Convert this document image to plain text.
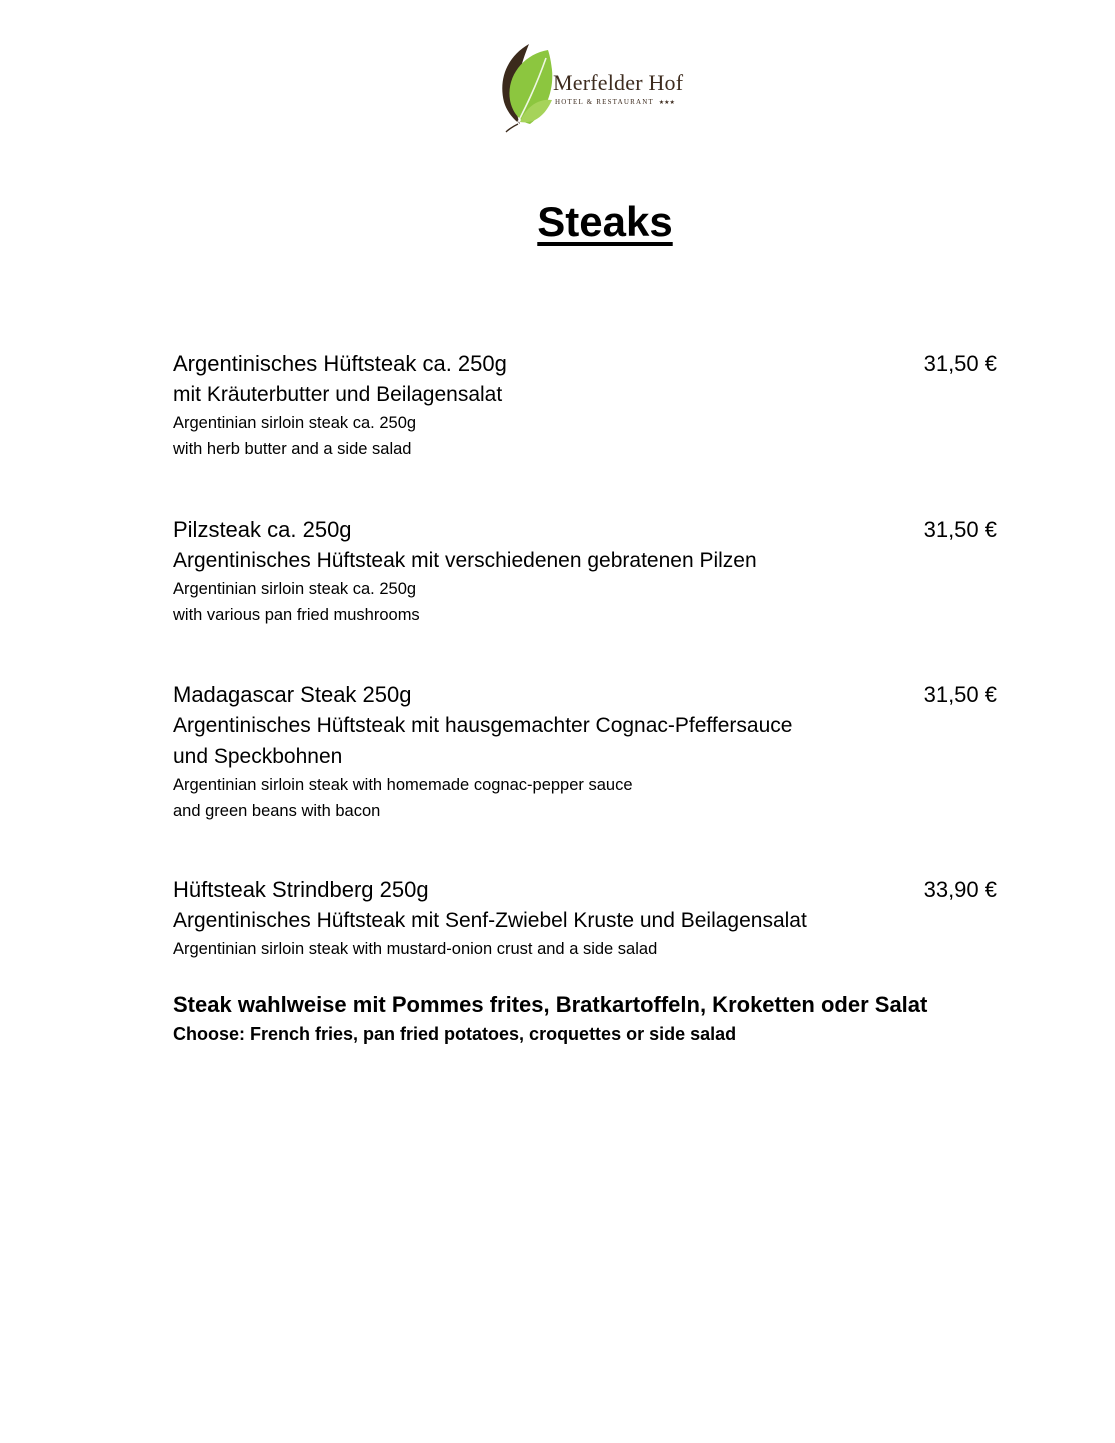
Merfelder Hof
HOTEL & RESTAURANT ★★★
Steaks
Argentinisches Hüftsteak ca. 250g	31,50 €
mit Kräuterbutter und Beilagensalat
Argentinian sirloin steak ca. 250g
with herb butter and a side salad
Pilzsteak ca. 250g	31,50 €
Argentinisches Hüftsteak mit verschiedenen gebratenen Pilzen
Argentinian sirloin steak ca. 250g
with various pan fried mushrooms
Madagascar Steak 250g	31,50 €
Argentinisches Hüftsteak mit hausgemachter Cognac-Pfeffersauce
und Speckbohnen
Argentinian sirloin steak with homemade cognac-pepper sauce
and green beans with bacon
Hüftsteak Strindberg 250g	33,90 €
Argentinisches Hüftsteak mit Senf-Zwiebel Kruste und Beilagensalat
Argentinian sirloin steak with mustard-onion crust and a side salad
Steak wahlweise mit Pommes frites, Bratkartoffeln, Kroketten oder Salat
Choose: French fries, pan fried potatoes, croquettes or side salad
